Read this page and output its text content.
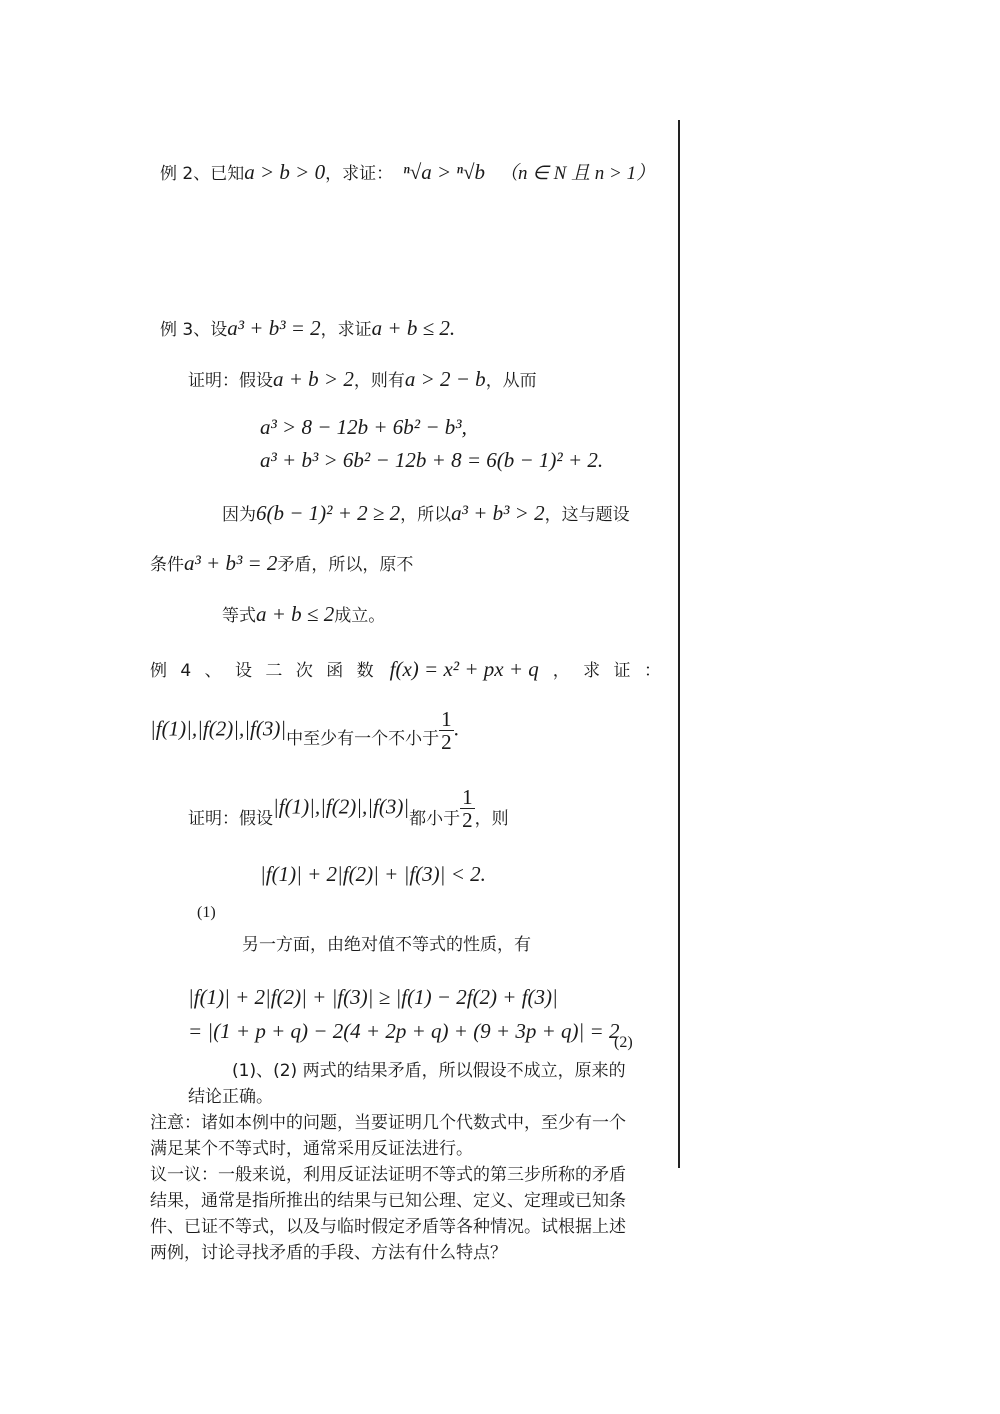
例 2、已知a > b > 0，求证： ⁿ√a > ⁿ√b （n ∈ N 且 n > 1）
例 3、设a³ + b³ = 2，求证a + b ≤ 2.
证明：假设a + b > 2，则有a > 2 − b，从而
a³ > 8 − 12b + 6b² − b³,
a³ + b³ > 6b² − 12b + 8 = 6(b − 1)² + 2.
因为6(b − 1)² + 2 ≥ 2，所以a³ + b³ > 2，这与题设
条件a³ + b³ = 2矛盾，所以，原不
等式a + b ≤ 2成立。
例 4 、 设 二 次 函 数 f(x) = x² + px + q ， 求 证 ：
|f(1)|,|f(2)|,|f(3)|中至少有一个不小于 $\frac{1}{2}$ .
证明：假设|f(1)|,|f(2)|,|f(3)|都小于 $\frac{1}{2}$ ，则
|f(1)| + 2|f(2)| + |f(3)| < 2.
(1)
另一方面，由绝对值不等式的性质，有
|f(1)| + 2|f(2)| + |f(3)| ≥ |f(1) − 2f(2) + f(3)|
= |(1 + p + q) − 2(4 + 2p + q) + (9 + 3p + q)| = 2
(2)
(1)、(2) 两式的结果矛盾，所以假设不成立，原来的结论正确。
注意：诸如本例中的问题，当要证明几个代数式中，至少有一个满足某个不等式时，通常采用反证法进行。
议一议：一般来说，利用反证法证明不等式的第三步所称的矛盾结果，通常是指所推出的结果与已知公理、定义、定理或已知条件、已证不等式，以及与临时假定矛盾等各种情况。试根据上述两例，讨论寻找矛盾的手段、方法有什么特点？
